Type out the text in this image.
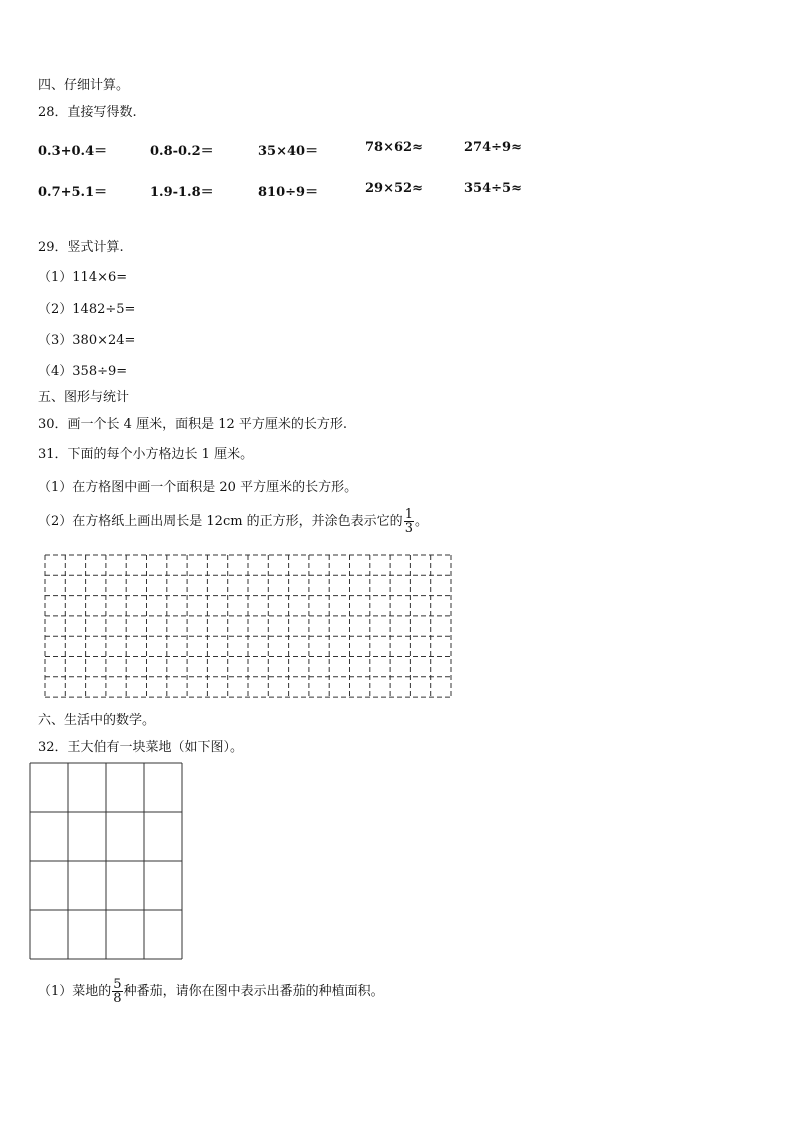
四、仔细计算。
28．直接写得数.
0.3+0.4＝	0.8-0.2＝	35×40＝	78×62≈	274÷9≈
0.7+5.1＝	1.9-1.8＝	810÷9＝	29×52≈	354÷5≈
29．竖式计算.
（1）114×6=
（2）1482÷5=
（3）380×24=
（4）358÷9=
五、图形与统计
30．画一个长 4 厘米，面积是 12 平方厘米的长方形.
31．下面的每个小方格边长 1 厘米。
（1）在方格图中画一个面积是 20 平方厘米的长方形。
（2）在方格纸上画出周长是 12cm 的正方形，并涂色表示它的 $\frac{1}{3}$ 。
六、生活中的数学。
32．王大伯有一块菜地（如下图）。
（1）菜地的 $\frac{5}{8}$ 种番茄，请你在图中表示出番茄的种植面积。
